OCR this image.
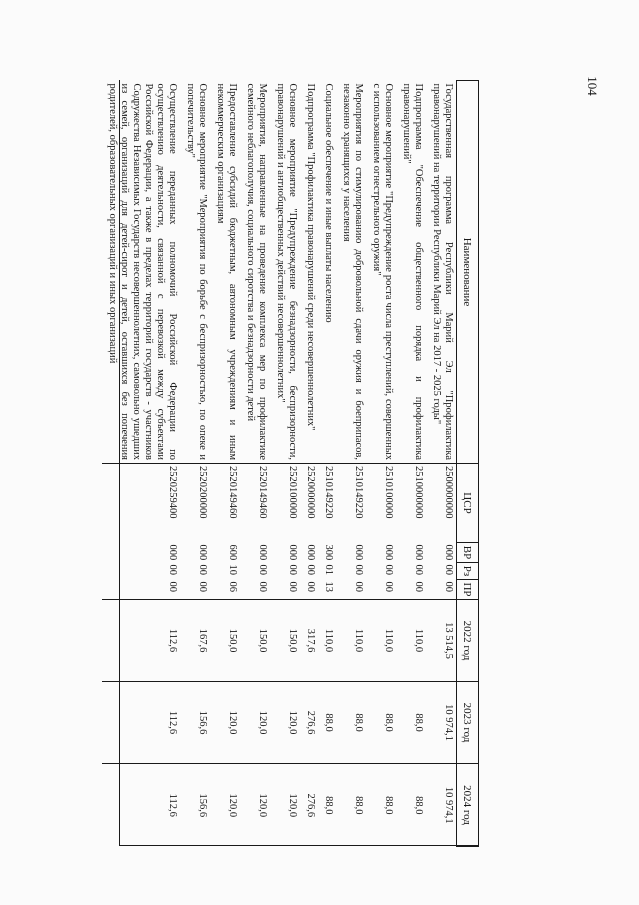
104
Наименование	ЦСР	ВР	Рз	ПР	2022 год	2023 год	2024 год
Государственная программа Республики Марий Эл "Профилактика правонарушений на территории Республики Марий Эл на 2017 - 2025 годы"	2500000000	000	00	00	13 514,5	10 974,1	10 974,1
Подпрограмма "Обеспечение общественного порядка и профилактика правонарушений"	2510000000	000	00	00	110,0	88,0	88,0
Основное мероприятие "Предупреждение роста числа преступлений, совершенных с использованием огнестрельного оружия"	2510100000	000	00	00	110,0	88,0	88,0
Мероприятия по стимулированию добровольной сдачи оружия и боеприпасов, незаконно хранящихся у населения	2510149220	000	00	00	110,0	88,0	88,0
Социальное обеспечение и иные выплаты населению	2510149220	300	01	13	110,0	88,0	88,0
Подпрограмма "Профилактика правонарушений среди несовершеннолетних"	2520000000	000	00	00	317,6	276,6	276,6
Основное мероприятие "Предупреждение безнадзорности, беспризорности, правонарушений и антиобщественных действий несовершеннолетних"	2520100000	000	00	00	150,0	120,0	120,0
Мероприятия, направленные на проведение комплекса мер по профилактике семейного неблагополучия, социального сиротства и безнадзорности детей	2520149460	000	00	00	150,0	120,0	120,0
Предоставление субсидий бюджетным, автономным учреждениям и иным некоммерческим организациям	2520149460	600	10	06	150,0	120,0	120,0
Основное мероприятие "Мероприятия по борьбе с беспризорностью, по опеке и попечительству"	2520200000	000	00	00	167,6	156,6	156,6
Осуществление переданных полномочий Российской Федерации по осуществлению деятельности, связанной с перевозкой между субъектами Российской Федерации, а также в пределах территорий государств - участников Содружества Независимых Государств несовершеннолетних, самовольно ушедших из семей, организаций для детей-сирот и детей, оставшихся без попечения родителей, образовательных организаций и иных организаций	2520259400	000	00	00	112,6	112,6	112,6
